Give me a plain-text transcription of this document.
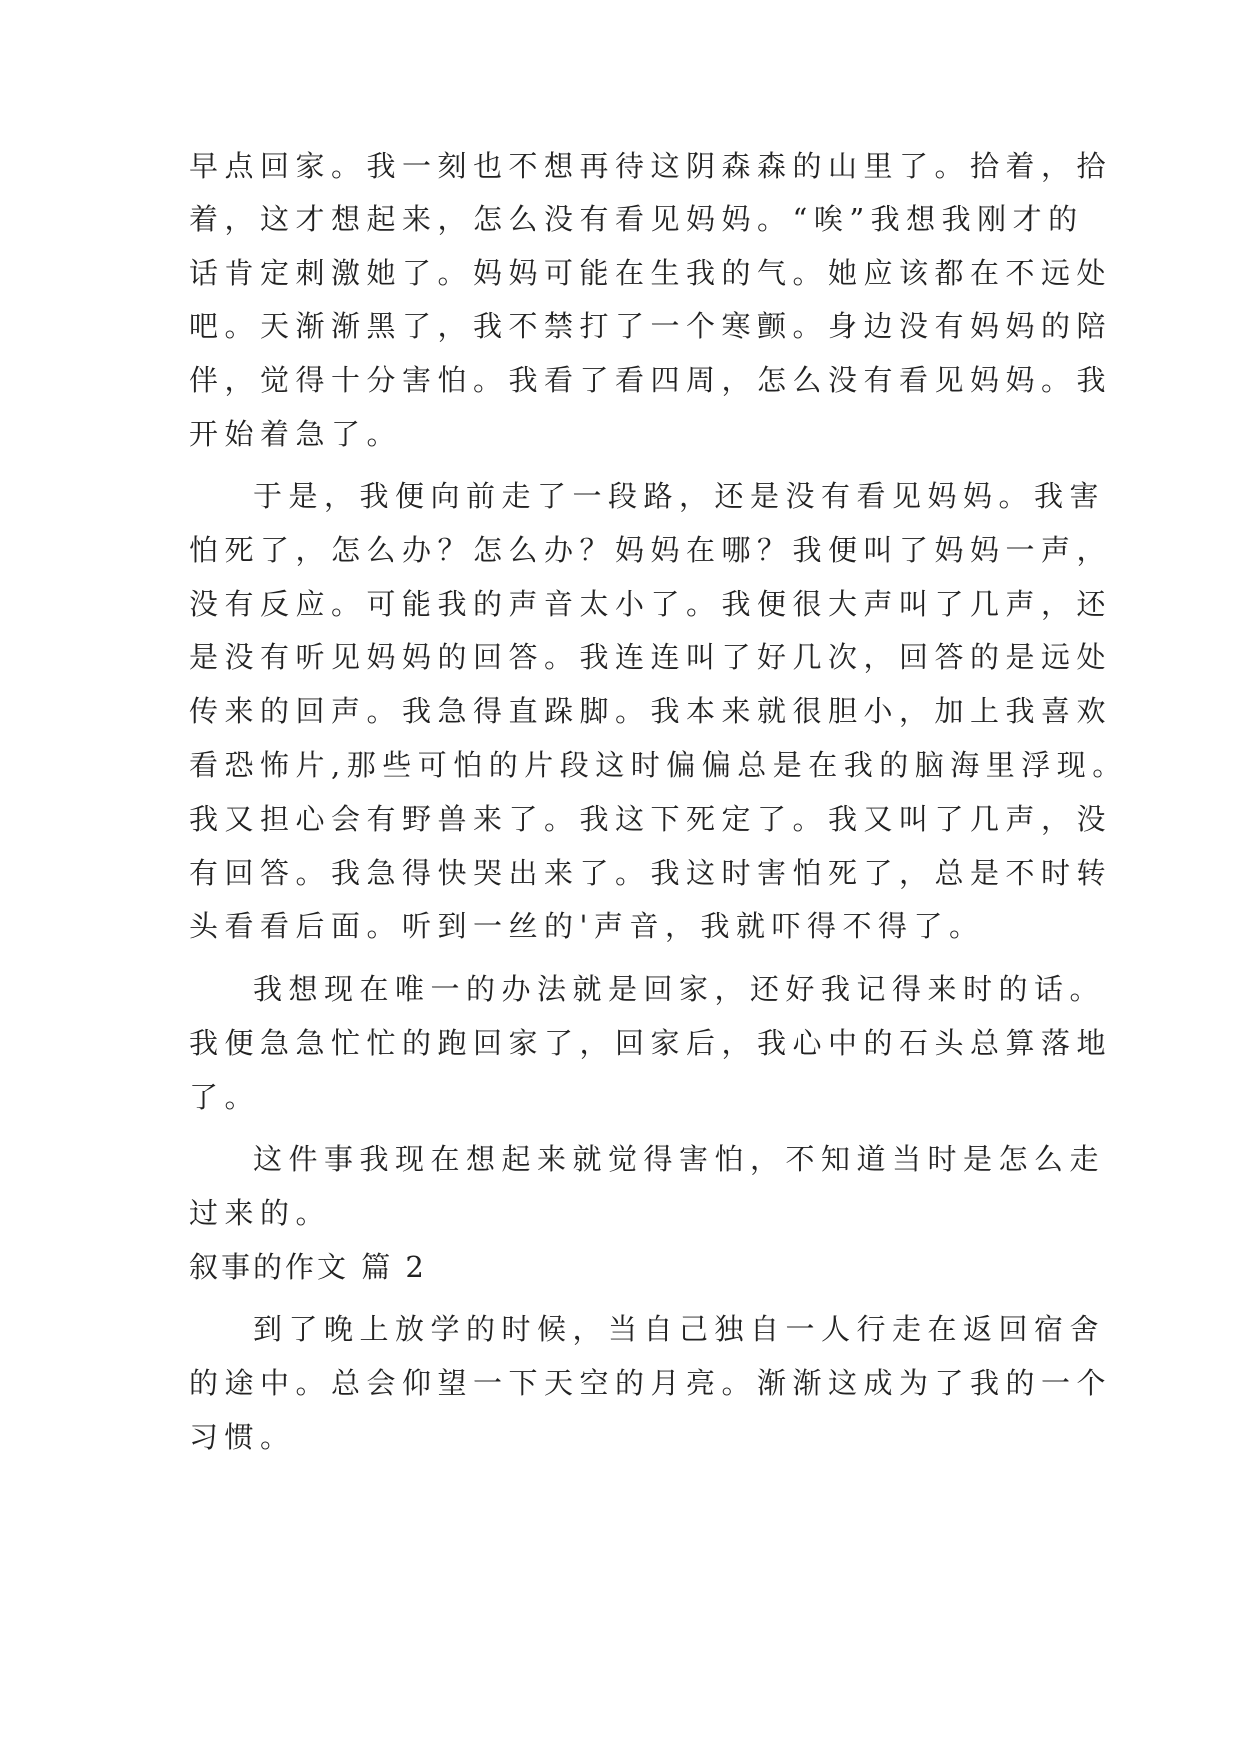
早点回家。我一刻也不想再待这阴森森的山里了。拾着，拾
着，这才想起来，怎么没有看见妈妈。“唉”我想我刚才的
话肯定刺激她了。妈妈可能在生我的气。她应该都在不远处
吧。天渐渐黑了，我不禁打了一个寒颤。身边没有妈妈的陪
伴，觉得十分害怕。我看了看四周，怎么没有看见妈妈。我
开始着急了。
于是，我便向前走了一段路，还是没有看见妈妈。我害
怕死了，怎么办？怎么办？妈妈在哪？我便叫了妈妈一声，
没有反应。可能我的声音太小了。我便很大声叫了几声，还
是没有听见妈妈的回答。我连连叫了好几次，回答的是远处
传来的回声。我急得直跺脚。我本来就很胆小，加上我喜欢
看恐怖片,那些可怕的片段这时偏偏总是在我的脑海里浮现。
我又担心会有野兽来了。我这下死定了。我又叫了几声，没
有回答。我急得快哭出来了。我这时害怕死了，总是不时转
头看看后面。听到一丝的'声音，我就吓得不得了。
我想现在唯一的办法就是回家，还好我记得来时的话。
我便急急忙忙的跑回家了，回家后，我心中的石头总算落地
了。
这件事我现在想起来就觉得害怕，不知道当时是怎么走
过来的。
叙事的作文 篇 2
到了晚上放学的时候，当自己独自一人行走在返回宿舍
的途中。总会仰望一下天空的月亮。渐渐这成为了我的一个
习惯。
